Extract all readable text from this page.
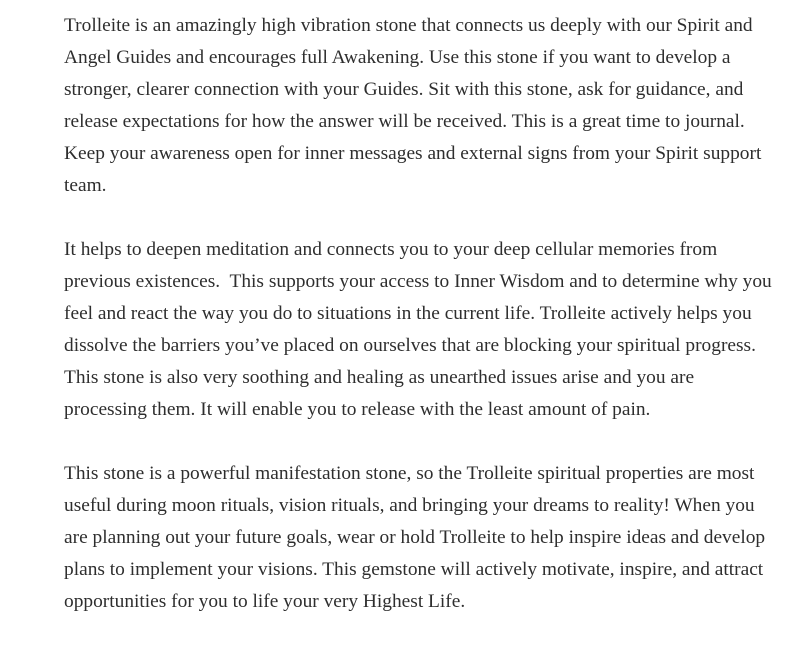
Trolleite is an amazingly high vibration stone that connects us deeply with our Spirit and Angel Guides and encourages full Awakening. Use this stone if you want to develop a stronger, clearer connection with your Guides. Sit with this stone, ask for guidance, and release expectations for how the answer will be received. This is a great time to journal. Keep your awareness open for inner messages and external signs from your Spirit support team.

It helps to deepen meditation and connects you to your deep cellular memories from previous existences.  This supports your access to Inner Wisdom and to determine why you feel and react the way you do to situations in the current life. Trolleite actively helps you dissolve the barriers you’ve placed on ourselves that are blocking your spiritual progress. This stone is also very soothing and healing as unearthed issues arise and you are processing them. It will enable you to release with the least amount of pain.

This stone is a powerful manifestation stone, so the Trolleite spiritual properties are most useful during moon rituals, vision rituals, and bringing your dreams to reality! When you are planning out your future goals, wear or hold Trolleite to help inspire ideas and develop plans to implement your visions. This gemstone will actively motivate, inspire, and attract opportunities for you to life your very Highest Life.
